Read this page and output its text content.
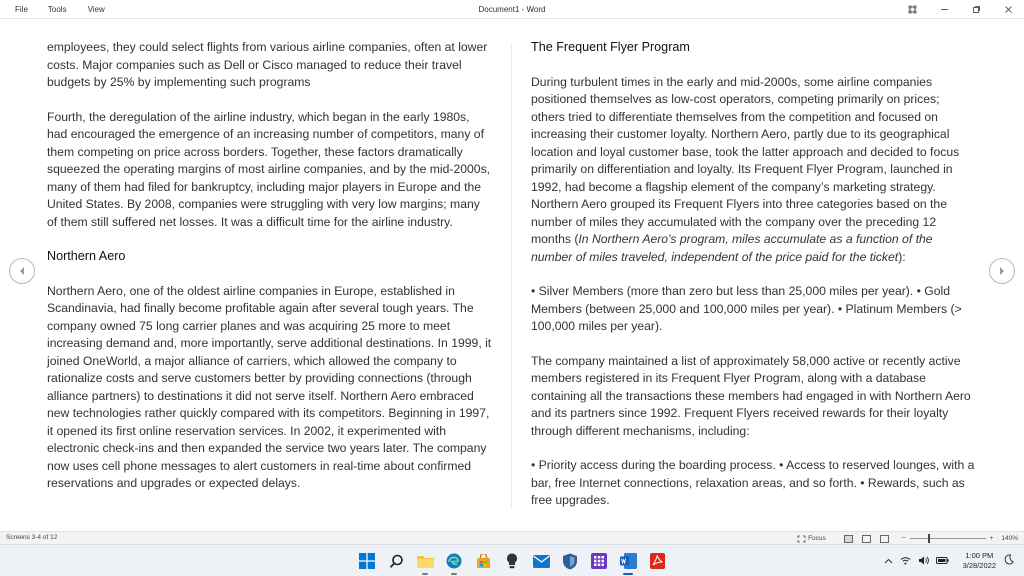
File	Tools	View	Document1 - Word

employees, they could select flights from various airline companies, often at lower costs. Major companies such as Dell or Cisco managed to reduce their travel budgets by 25% by implementing such programs

Fourth, the deregulation of the airline industry, which began in the early 1980s, had encouraged the emergence of an increasing number of competitors, many of them competing on price across borders. Together, these factors dramatically squeezed the operating margins of most airline companies, and by the mid-2000s, many of them had filed for bankruptcy, including major players in Europe and the United States. By 2008, companies were struggling with very low margins; many of them still suffered net losses. It was a difficult time for the airline industry.

Northern Aero

Northern Aero, one of the oldest airline companies in Europe, established in Scandinavia, had finally become profitable again after several tough years. The company owned 75 long carrier planes and was acquiring 25 more to meet increasing demand and, more importantly, serve additional destinations. In 1999, it joined OneWorld, a major alliance of carriers, which allowed the company to rationalize costs and serve customers better by providing connections (through alliance partners) to destinations it did not serve itself. Northern Aero embraced new technologies rather quickly compared with its competitors. Beginning in 1997, it opened its first online reservation services. In 2002, it experimented with electronic check-ins and then expanded the service two years later. The company now uses cell phone messages to alert customers in real-time about confirmed reservations and upgrades or expected delays.

The Frequent Flyer Program

During turbulent times in the early and mid-2000s, some airline companies positioned themselves as low-cost operators, competing primarily on prices; others tried to differentiate themselves from the competition and focused on increasing their customer loyalty. Northern Aero, partly due to its geographical location and loyal customer base, took the latter approach and decided to focus primarily on differentiation and loyalty. Its Frequent Flyer Program, launched in 1992, had become a flagship element of the company’s marketing strategy. Northern Aero grouped its Frequent Flyers into three categories based on the number of miles they accumulated with the company over the preceding 12 months (In Northern Aero's program, miles accumulate as a function of the number of miles traveled, independent of the price paid for the ticket):

• Silver Members (more than zero but less than 25,000 miles per year). • Gold Members (between 25,000 and 100,000 miles per year). • Platinum Members (> 100,000 miles per year).

The company maintained a list of approximately 58,000 active or recently active members registered in its Frequent Flyer Program, along with a database containing all the transactions these members had engaged in with Northern Aero and its partners since 1992. Frequent Flyers received rewards for their loyalty through different mechanisms, including:

• Priority access during the boarding process. • Access to reserved lounges, with a bar, free Internet connections, relaxation areas, and so forth. • Rewards, such as free upgrades.

Screens 3-4 of 12	Focus	−	+ 140%
1:00 PM
3/28/2022
